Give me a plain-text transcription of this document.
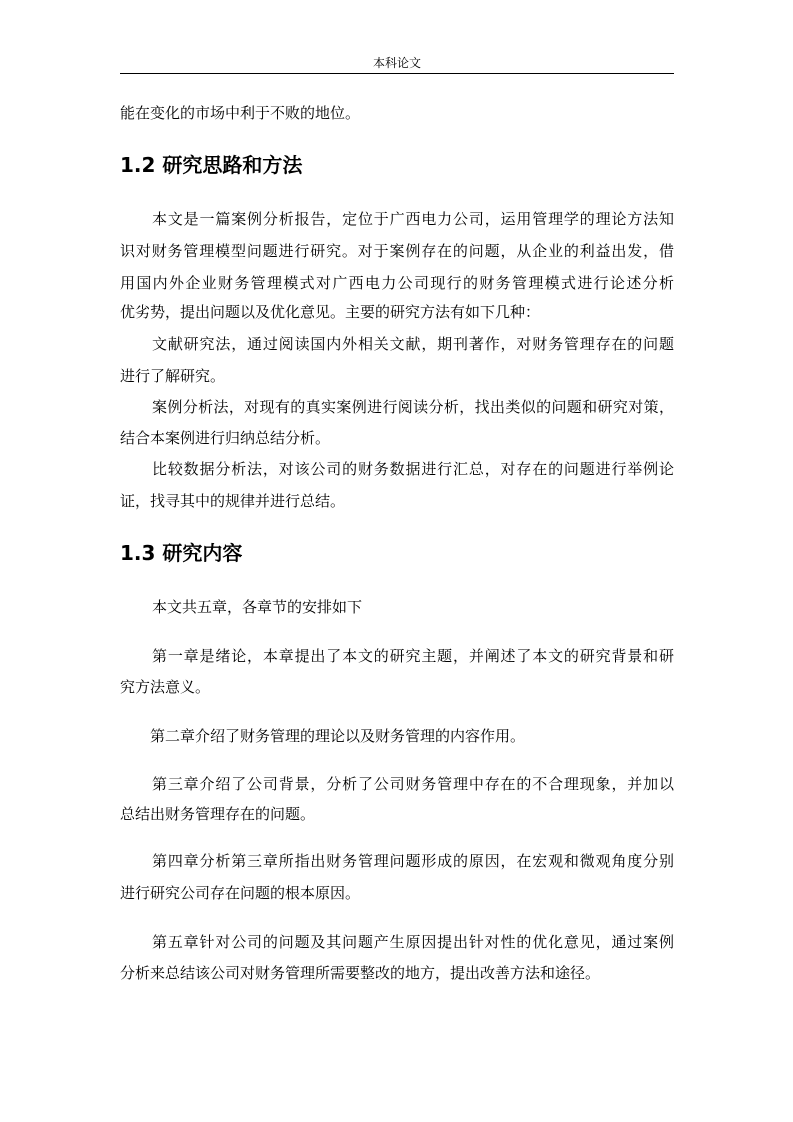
本科论文
能在变化的市场中利于不败的地位。
1.2 研究思路和方法
本文是一篇案例分析报告，定位于广西电力公司，运用管理学的理论方法知
识对财务管理模型问题进行研究。对于案例存在的问题，从企业的利益出发，借
用国内外企业财务管理模式对广西电力公司现行的财务管理模式进行论述分析
优劣势，提出问题以及优化意见。主要的研究方法有如下几种：
文献研究法，通过阅读国内外相关文献，期刊著作，对财务管理存在的问题
进行了解研究。
案例分析法，对现有的真实案例进行阅读分析，找出类似的问题和研究对策，
结合本案例进行归纳总结分析。
比较数据分析法，对该公司的财务数据进行汇总，对存在的问题进行举例论
证，找寻其中的规律并进行总结。
1.3 研究内容
本文共五章，各章节的安排如下
第一章是绪论，本章提出了本文的研究主题，并阐述了本文的研究背景和研
究方法意义。
第二章介绍了财务管理的理论以及财务管理的内容作用。
第三章介绍了公司背景，分析了公司财务管理中存在的不合理现象，并加以
总结出财务管理存在的问题。
第四章分析第三章所指出财务管理问题形成的原因，在宏观和微观角度分别
进行研究公司存在问题的根本原因。
第五章针对公司的问题及其问题产生原因提出针对性的优化意见，通过案例
分析来总结该公司对财务管理所需要整改的地方，提出改善方法和途径。
